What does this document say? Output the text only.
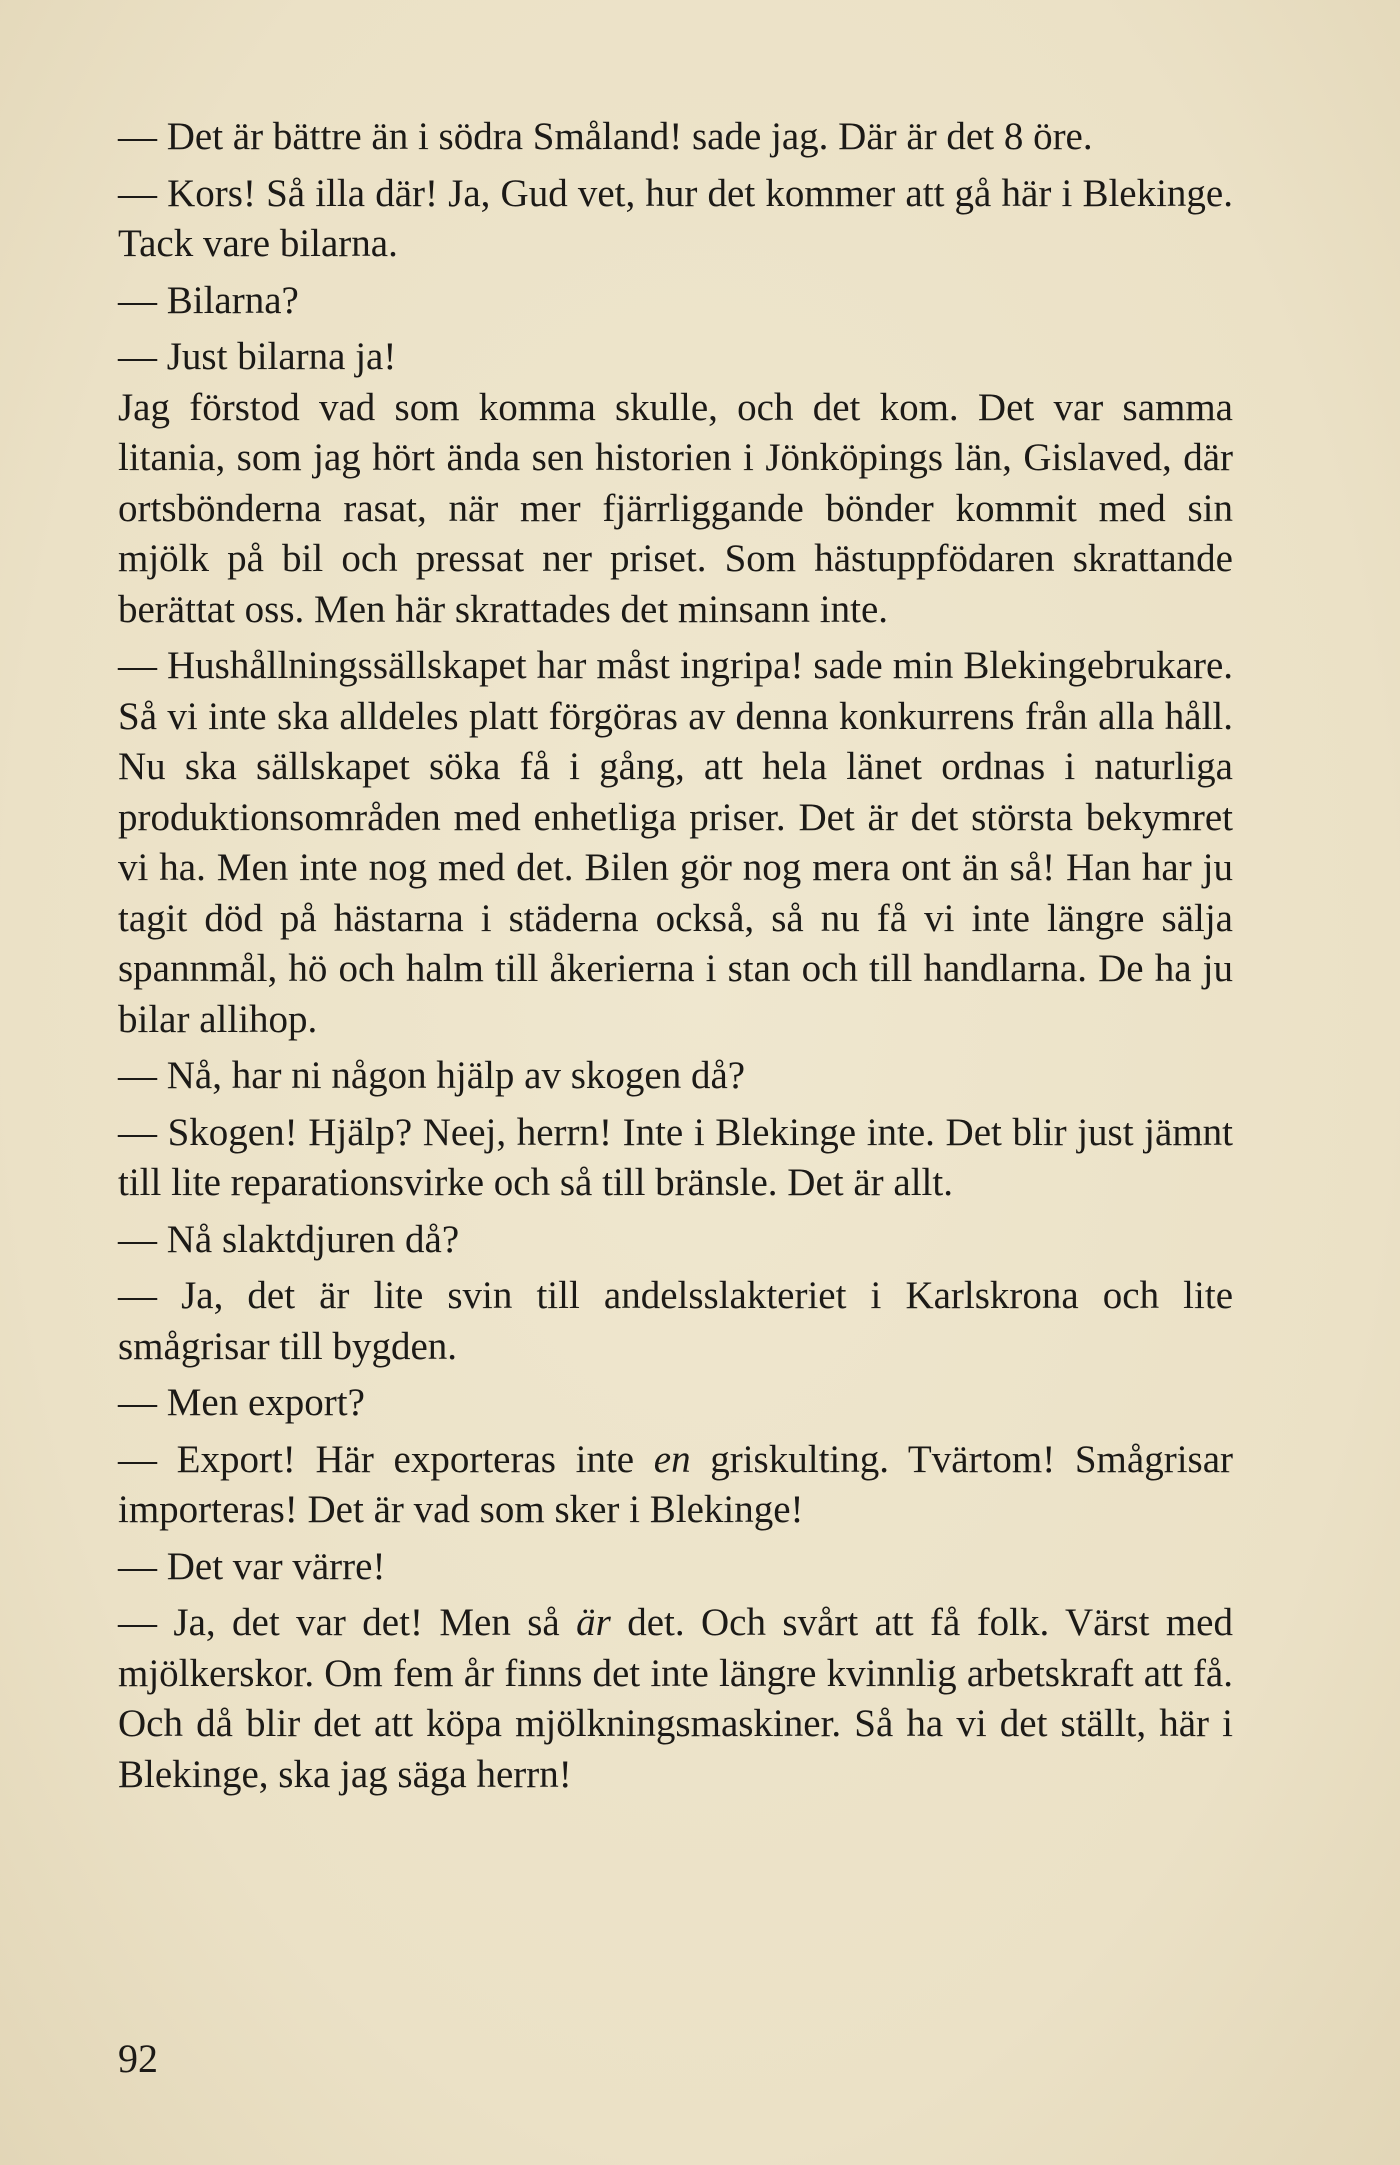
— Det är bättre än i södra Småland! sade jag. Där är det 8 öre.

— Kors! Så illa där! Ja, Gud vet, hur det kommer att gå här i Blekinge. Tack vare bilarna.

— Bilarna?

— Just bilarna ja!

Jag förstod vad som komma skulle, och det kom. Det var samma litania, som jag hört ända sen historien i Jönköpings län, Gislaved, där ortsbönderna rasat, när mer fjärrliggande bönder kommit med sin mjölk på bil och pressat ner priset. Som hästuppfödaren skrattande berättat oss. Men här skrattades det minsann inte.

— Hushållningssällskapet har måst ingripa! sade min Blekingebrukare. Så vi inte ska alldeles platt förgöras av denna konkurrens från alla håll. Nu ska sällskapet söka få i gång, att hela länet ordnas i naturliga produktionsområden med enhetliga priser. Det är det största bekymret vi ha. Men inte nog med det. Bilen gör nog mera ont än så! Han har ju tagit död på hästarna i städerna också, så nu få vi inte längre sälja spannmål, hö och halm till åkerierna i stan och till handlarna. De ha ju bilar allihop.

— Nå, har ni någon hjälp av skogen då?

— Skogen! Hjälp? Neej, herrn! Inte i Blekinge inte. Det blir just jämnt till lite reparationsvirke och så till bränsle. Det är allt.

— Nå slaktdjuren då?

— Ja, det är lite svin till andelsslakteriet i Karlskrona och lite smågrisar till bygden.

— Men export?

— Export! Här exporteras inte en griskulting. Tvärtom! Smågrisar importeras! Det är vad som sker i Blekinge!

— Det var värre!

— Ja, det var det! Men så är det. Och svårt att få folk. Värst med mjölkerskor. Om fem år finns det inte längre kvinnlig arbetskraft att få. Och då blir det att köpa mjölkningsmaskiner. Så ha vi det ställt, här i Blekinge, ska jag säga herrn!

92
